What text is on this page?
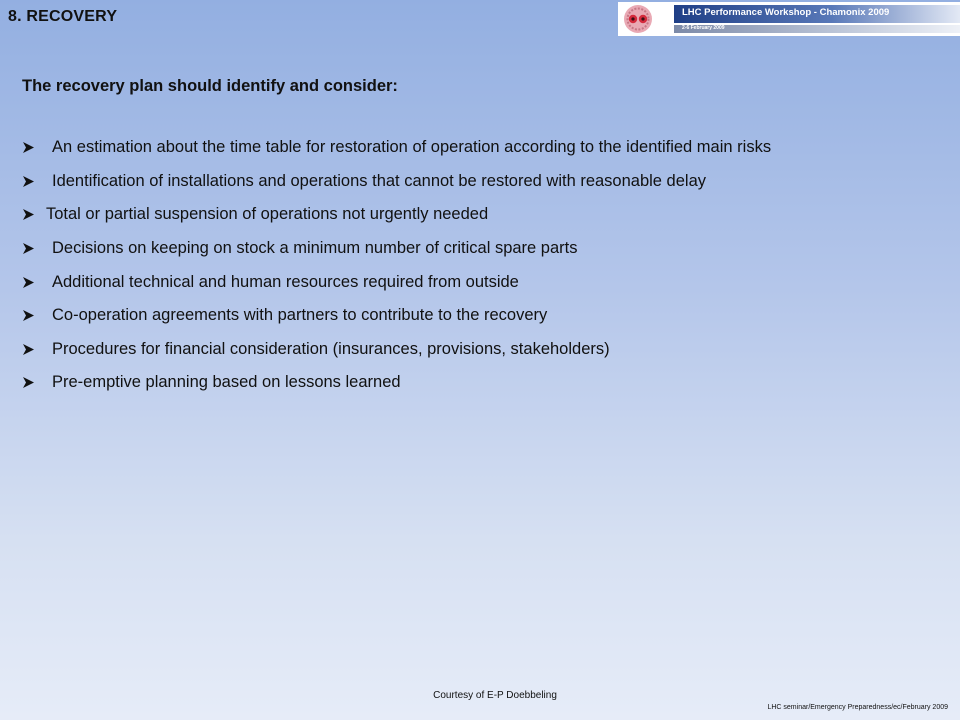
8. RECOVERY	LHC Performance Workshop - Chamonix 2009
2-6 February 2009
The recovery plan should identify and consider:
An estimation about the time table for restoration of operation according to the identified main risks
Identification of installations and operations that cannot be restored with reasonable delay
Total or partial suspension of operations not urgently needed
Decisions on keeping on stock a minimum number of critical spare parts
Additional technical and human resources required from outside
Co-operation agreements with partners to contribute to the recovery
Procedures for financial consideration (insurances, provisions, stakeholders)
Pre-emptive planning based on lessons learned
Courtesy of E-P Doebbeling
LHC seminar/Emergency Preparedness/ec/February 2009
